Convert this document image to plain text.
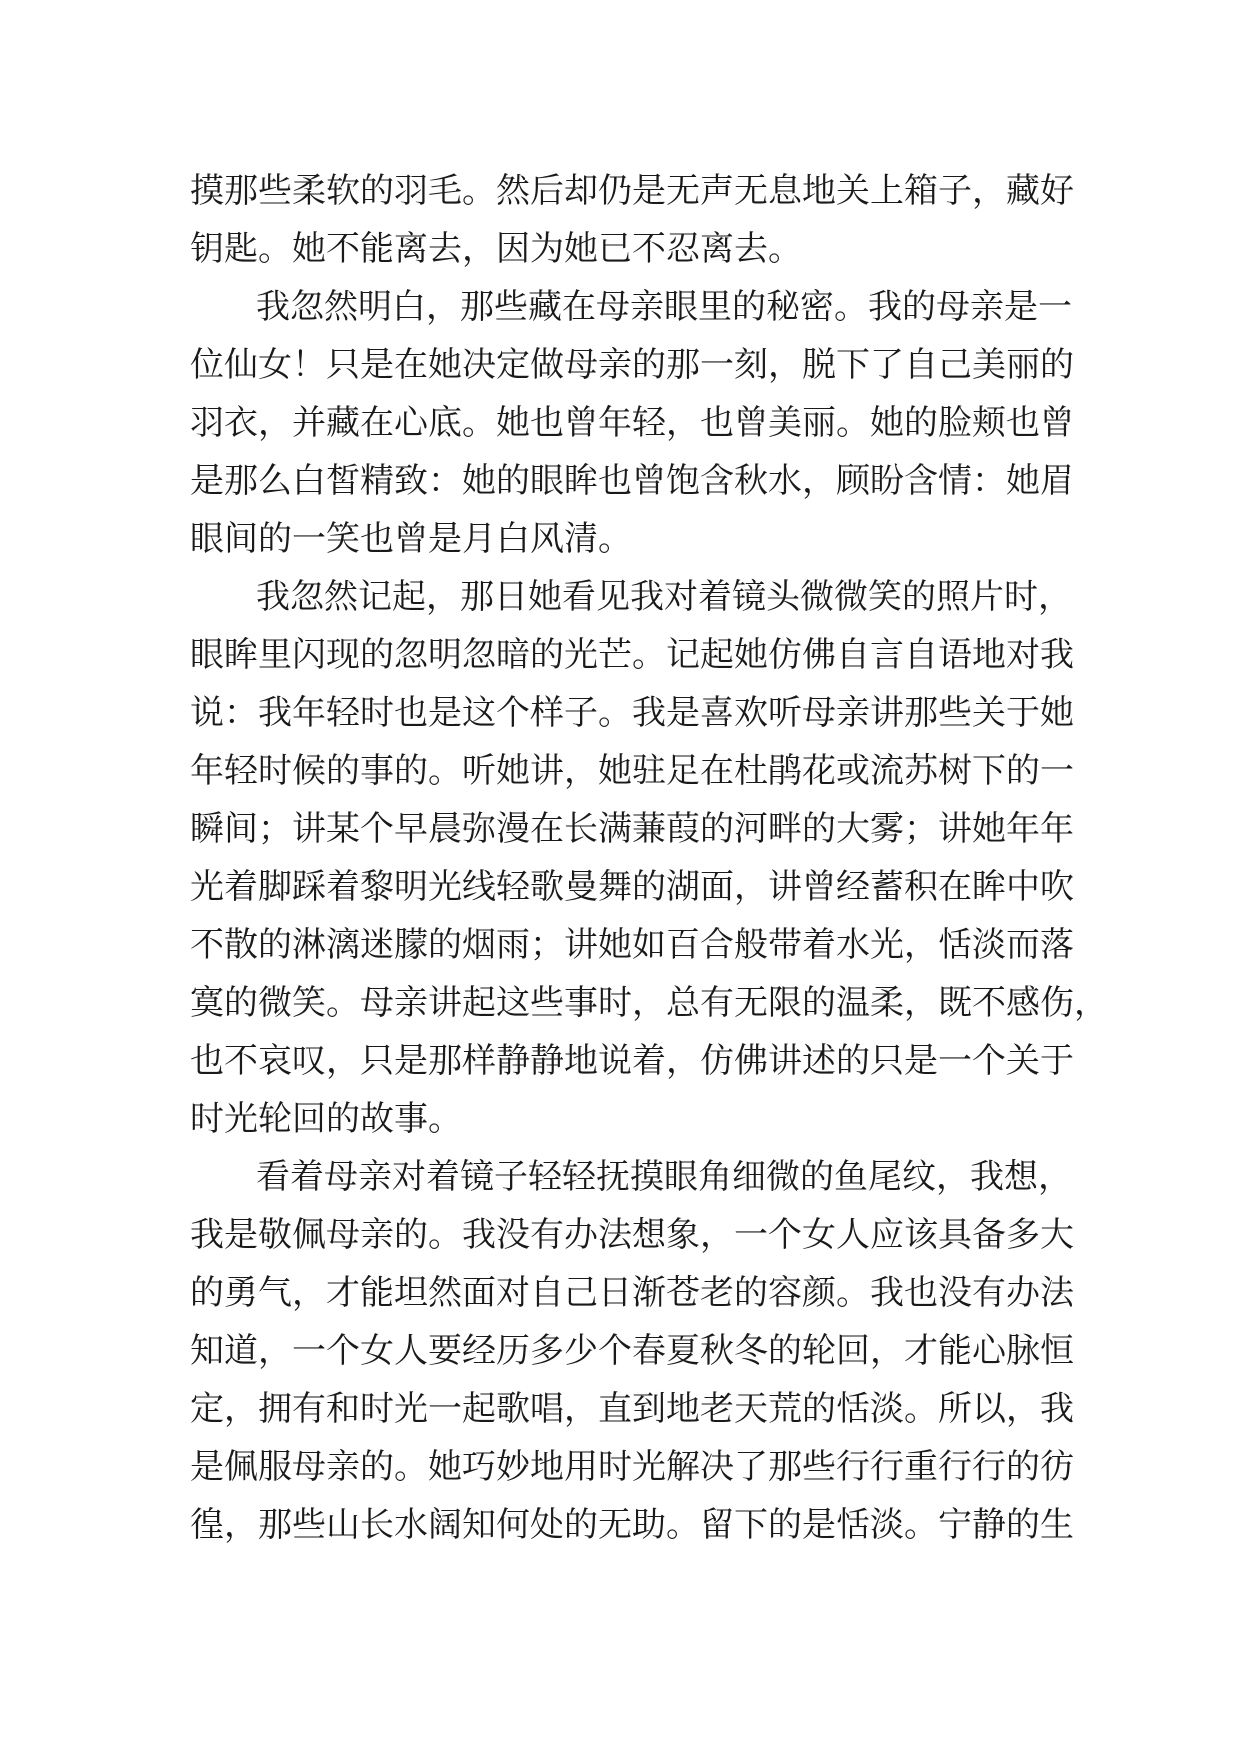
摸那些柔软的羽毛。然后却仍是无声无息地关上箱子，藏好
钥匙。她不能离去，因为她已不忍离去。
我忽然明白，那些藏在母亲眼里的秘密。我的母亲是一
位仙女！只是在她决定做母亲的那一刻，脱下了自己美丽的
羽衣，并藏在心底。她也曾年轻，也曾美丽。她的脸颊也曾
是那么白皙精致：她的眼眸也曾饱含秋水，顾盼含情：她眉
眼间的一笑也曾是月白风清。
我忽然记起，那日她看见我对着镜头微微笑的照片时，
眼眸里闪现的忽明忽暗的光芒。记起她仿佛自言自语地对我
说：我年轻时也是这个样子。我是喜欢听母亲讲那些关于她
年轻时候的事的。听她讲，她驻足在杜鹃花或流苏树下的一
瞬间；讲某个早晨弥漫在长满蒹葭的河畔的大雾；讲她年年
光着脚踩着黎明光线轻歌曼舞的湖面，讲曾经蓄积在眸中吹
不散的淋漓迷朦的烟雨；讲她如百合般带着水光，恬淡而落
寞的微笑。母亲讲起这些事时，总有无限的温柔，既不感伤，
也不哀叹，只是那样静静地说着，仿佛讲述的只是一个关于
时光轮回的故事。
看着母亲对着镜子轻轻抚摸眼角细微的鱼尾纹，我想，
我是敬佩母亲的。我没有办法想象，一个女人应该具备多大
的勇气，才能坦然面对自己日渐苍老的容颜。我也没有办法
知道，一个女人要经历多少个春夏秋冬的轮回，才能心脉恒
定，拥有和时光一起歌唱，直到地老天荒的恬淡。所以，我
是佩服母亲的。她巧妙地用时光解决了那些行行重行行的彷
徨，那些山长水阔知何处的无助。留下的是恬淡。宁静的生
